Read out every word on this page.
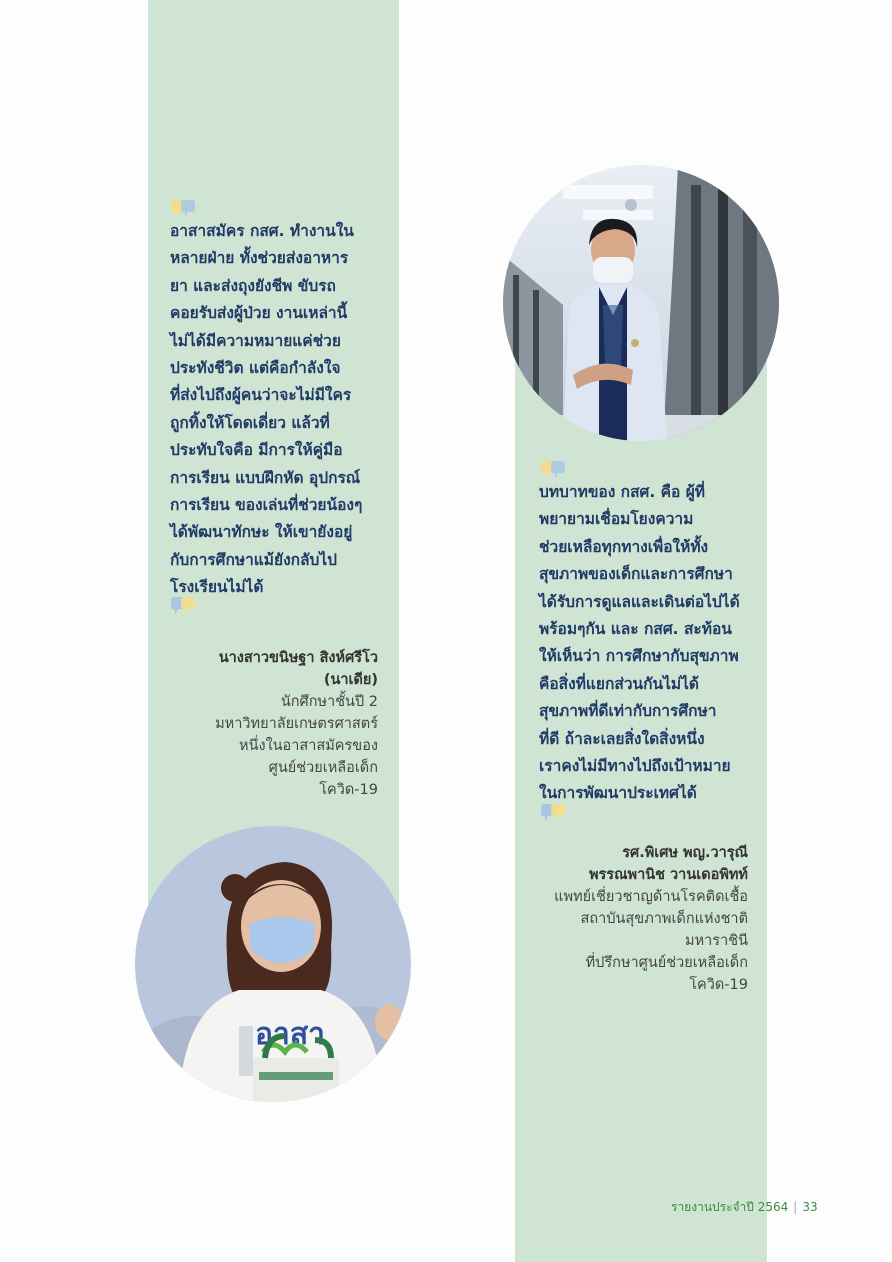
อาสาสมัคร กสศ. ทำงานใน
หลายฝ่าย ทั้งช่วยส่งอาหาร
ยา และส่งถุงยังชีพ ขับรถ
คอยรับส่งผู้ป่วย งานเหล่านี้
ไม่ได้มีความหมายแค่ช่วย
ประทังชีวิต แต่คือกำลังใจ
ที่ส่งไปถึงผู้คนว่าจะไม่มีใคร
ถูกทิ้งให้โดดเดี่ยว แล้วที่
ประทับใจคือ มีการให้คู่มือ
การเรียน แบบฝึกหัด อุปกรณ์
การเรียน ของเล่นที่ช่วยน้องๆ
ได้พัฒนาทักษะ ให้เขายังอยู่
กับการศึกษาแม้ยังกลับไป
โรงเรียนไม่ได้

นางสาวขนิษฐา สิงห์ศรีโว
(นาเดีย)
นักศึกษาชั้นปี 2
มหาวิทยาลัยเกษตรศาสตร์
หนึ่งในอาสาสมัครของ
ศูนย์ช่วยเหลือเด็ก
โควิด-19

บทบาทของ กสศ. คือ ผู้ที่
พยายามเชื่อมโยงความ
ช่วยเหลือทุกทางเพื่อให้ทั้ง
สุขภาพของเด็กและการศึกษา
ได้รับการดูแลและเดินต่อไปได้
พร้อมๆกัน และ กสศ. สะท้อน
ให้เห็นว่า การศึกษากับสุขภาพ
คือสิ่งที่แยกส่วนกันไม่ได้
สุขภาพที่ดีเท่ากับการศึกษา
ที่ดี ถ้าละเลยสิ่งใดสิ่งหนึ่ง
เราคงไม่มีทางไปถึงเป้าหมาย
ในการพัฒนาประเทศได้

รศ.พิเศษ พญ.วารุณี
พรรณพานิช วานเดอพิทท์
แพทย์เชี่ยวชาญด้านโรคติดเชื้อ
สถาบันสุขภาพเด็กแห่งชาติ
มหาราชินี
ที่ปรึกษาศูนย์ช่วยเหลือเด็ก
โควิด-19
อาสา
รายงานประจำปี 2564 | 33
